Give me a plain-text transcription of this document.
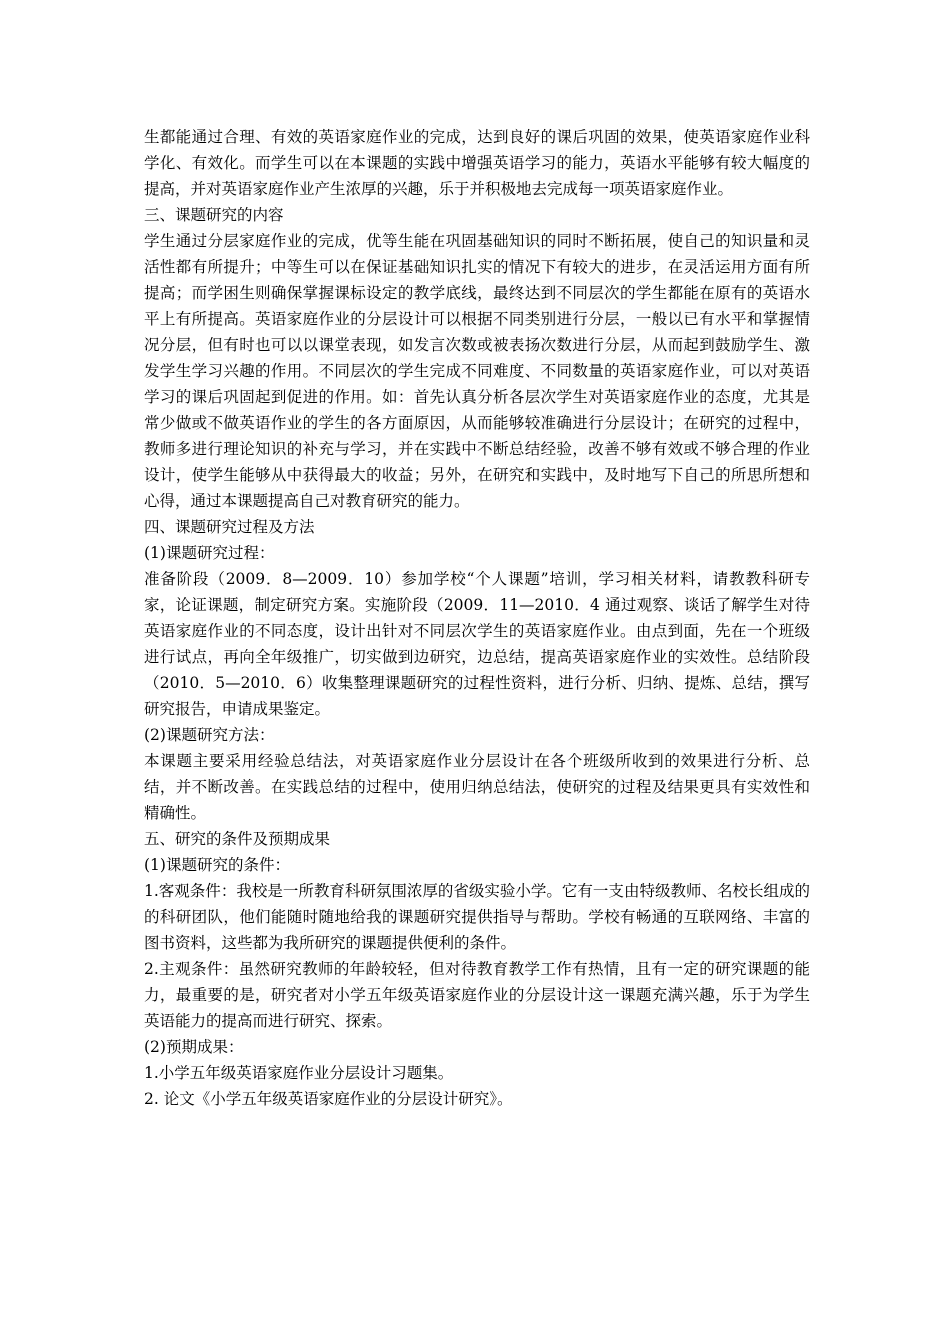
生都能通过合理、有效的英语家庭作业的完成，达到良好的课后巩固的效果，使英语家庭作业科学化、有效化。而学生可以在本课题的实践中增强英语学习的能力，英语水平能够有较大幅度的提高，并对英语家庭作业产生浓厚的兴趣，乐于并积极地去完成每一项英语家庭作业。

三、课题研究的内容

学生通过分层家庭作业的完成，优等生能在巩固基础知识的同时不断拓展，使自己的知识量和灵活性都有所提升；中等生可以在保证基础知识扎实的情况下有较大的进步，在灵活运用方面有所提高；而学困生则确保掌握课标设定的教学底线，最终达到不同层次的学生都能在原有的英语水平上有所提高。英语家庭作业的分层设计可以根据不同类别进行分层，一般以已有水平和掌握情况分层，但有时也可以以课堂表现，如发言次数或被表扬次数进行分层，从而起到鼓励学生、激发学生学习兴趣的作用。不同层次的学生完成不同难度、不同数量的英语家庭作业，可以对英语学习的课后巩固起到促进的作用。如：首先认真分析各层次学生对英语家庭作业的态度，尤其是常少做或不做英语作业的学生的各方面原因，从而能够较准确进行分层设计；在研究的过程中，教师多进行理论知识的补充与学习，并在实践中不断总结经验，改善不够有效或不够合理的作业设计，使学生能够从中获得最大的收益；另外，在研究和实践中，及时地写下自己的所思所想和心得，通过本课题提高自己对教育研究的能力。

四、课题研究过程及方法

(1)课题研究过程：

准备阶段（2009．8—2009．10）参加学校“个人课题”培训，学习相关材料，请教教科研专家，论证课题，制定研究方案。实施阶段（2009．11—2010．4 通过观察、谈话了解学生对待英语家庭作业的不同态度，设计出针对不同层次学生的英语家庭作业。由点到面，先在一个班级进行试点，再向全年级推广，切实做到边研究，边总结，提高英语家庭作业的实效性。总结阶段（2010．5—2010．6）收集整理课题研究的过程性资料，进行分析、归纳、提炼、总结，撰写研究报告，申请成果鉴定。

(2)课题研究方法：

本课题主要采用经验总结法，对英语家庭作业分层设计在各个班级所收到的效果进行分析、总结，并不断改善。在实践总结的过程中，使用归纳总结法，使研究的过程及结果更具有实效性和精确性。

五、研究的条件及预期成果

(1)课题研究的条件：

1.客观条件：我校是一所教育科研氛围浓厚的省级实验小学。它有一支由特级教师、名校长组成的的科研团队，他们能随时随地给我的课题研究提供指导与帮助。学校有畅通的互联网络、丰富的图书资料，这些都为我所研究的课题提供便利的条件。

2.主观条件：虽然研究教师的年龄较轻，但对待教育教学工作有热情，且有一定的研究课题的能力，最重要的是，研究者对小学五年级英语家庭作业的分层设计这一课题充满兴趣，乐于为学生英语能力的提高而进行研究、探索。

(2)预期成果：

1.小学五年级英语家庭作业分层设计习题集。

2. 论文《小学五年级英语家庭作业的分层设计研究》。
